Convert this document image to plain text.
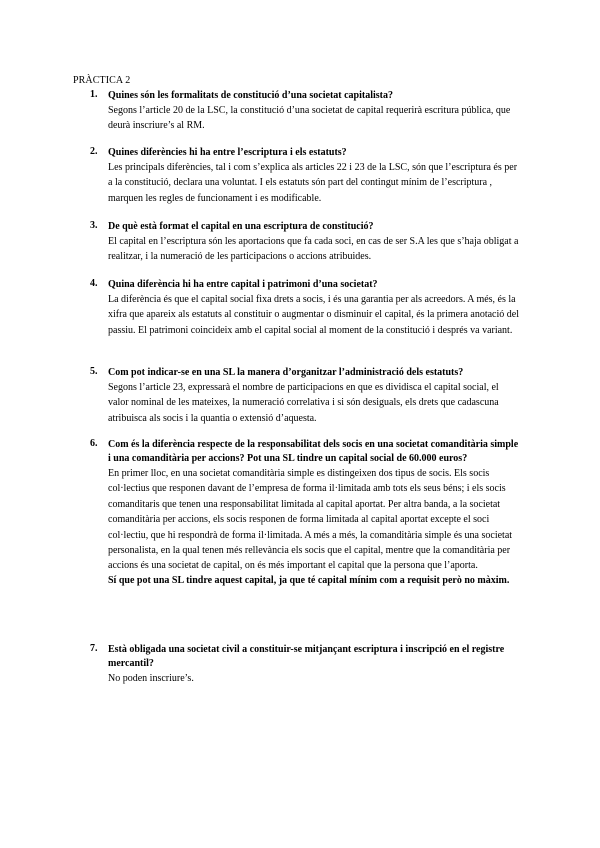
PRÀCTICA 2
1.	Quines són les formalitats de constitució d’una societat capitalista?

Segons l’article 20 de la LSC, la constitució d’una societat de capital requerirà escritura pública, que deurà inscriure’s al RM.

2.	Quines diferències hi ha entre l’escriptura i els estatuts?

Les principals diferències, tal i com s’explica als articles 22 i 23 de la LSC, són que l’escriptura és per a la constitució, declara una voluntat. I els estatuts són part del contingut mínim de l’escriptura , marquen les regles de funcionament i es modificable.

3.	De què està format el capital en una escriptura de constitució?

El capital en l’escriptura són les aportacions que fa cada soci, en cas de ser S.A les que s’haja obligat a realitzar, i la numeració de les participacions o accions atribuides.

4.	Quina diferència hi ha entre capital i patrimoni d’una societat?

La diferència és que el capital social fixa drets a socis, i és una garantia per als acreedors. A més, és la xifra que apareix als estatuts al constituir o augmentar o disminuir el capital, és la primera anotació del passiu. El patrimoni coincideix amb el capital social al moment de la constitució i després va variant.

5.	Com pot indicar-se en una SL la manera d’organitzar l’administració dels estatuts?

Segons l’article 23, expressarà el nombre de participacions en que es dividisca el capital social, el valor nominal de les mateixes, la numeració correlativa i si són desiguals, els drets que cadascuna atribuisca als socis i la quantia o extensió d’aquesta.

6.	Com és la diferència respecte de la responsabilitat dels socis en una societat comanditària simple i una comanditària per accions? Pot una SL tindre un capital social de 60.000 euros?

En primer lloc, en una societat comanditària simple es distingeixen dos tipus de socis. Els socis col·lectius que responen davant de l’empresa de forma il·limitada amb tots els seus béns; i els socis comanditaris que tenen una responsabilitat limitada al capital aportat. Per altra banda, a la societat comanditària per accions, els socis responen de forma limitada al capital aportat excepte el soci col·lectiu, que hi respondrà de forma il·limitada. A més a més, la comanditària simple és una societat personalista, en la qual tenen més rellevància els socis que el capital, mentre que la comanditària per accions és una societat de capital, on és més important el capital que la persona que l’aporta.

Sí que pot una SL tindre aquest capital, ja que té capital mínim com a requisit però no màxim.

7.	Està obligada una societat civil a constituir-se mitjançant escriptura i inscripció en el registre mercantil?

No poden inscriure’s.
